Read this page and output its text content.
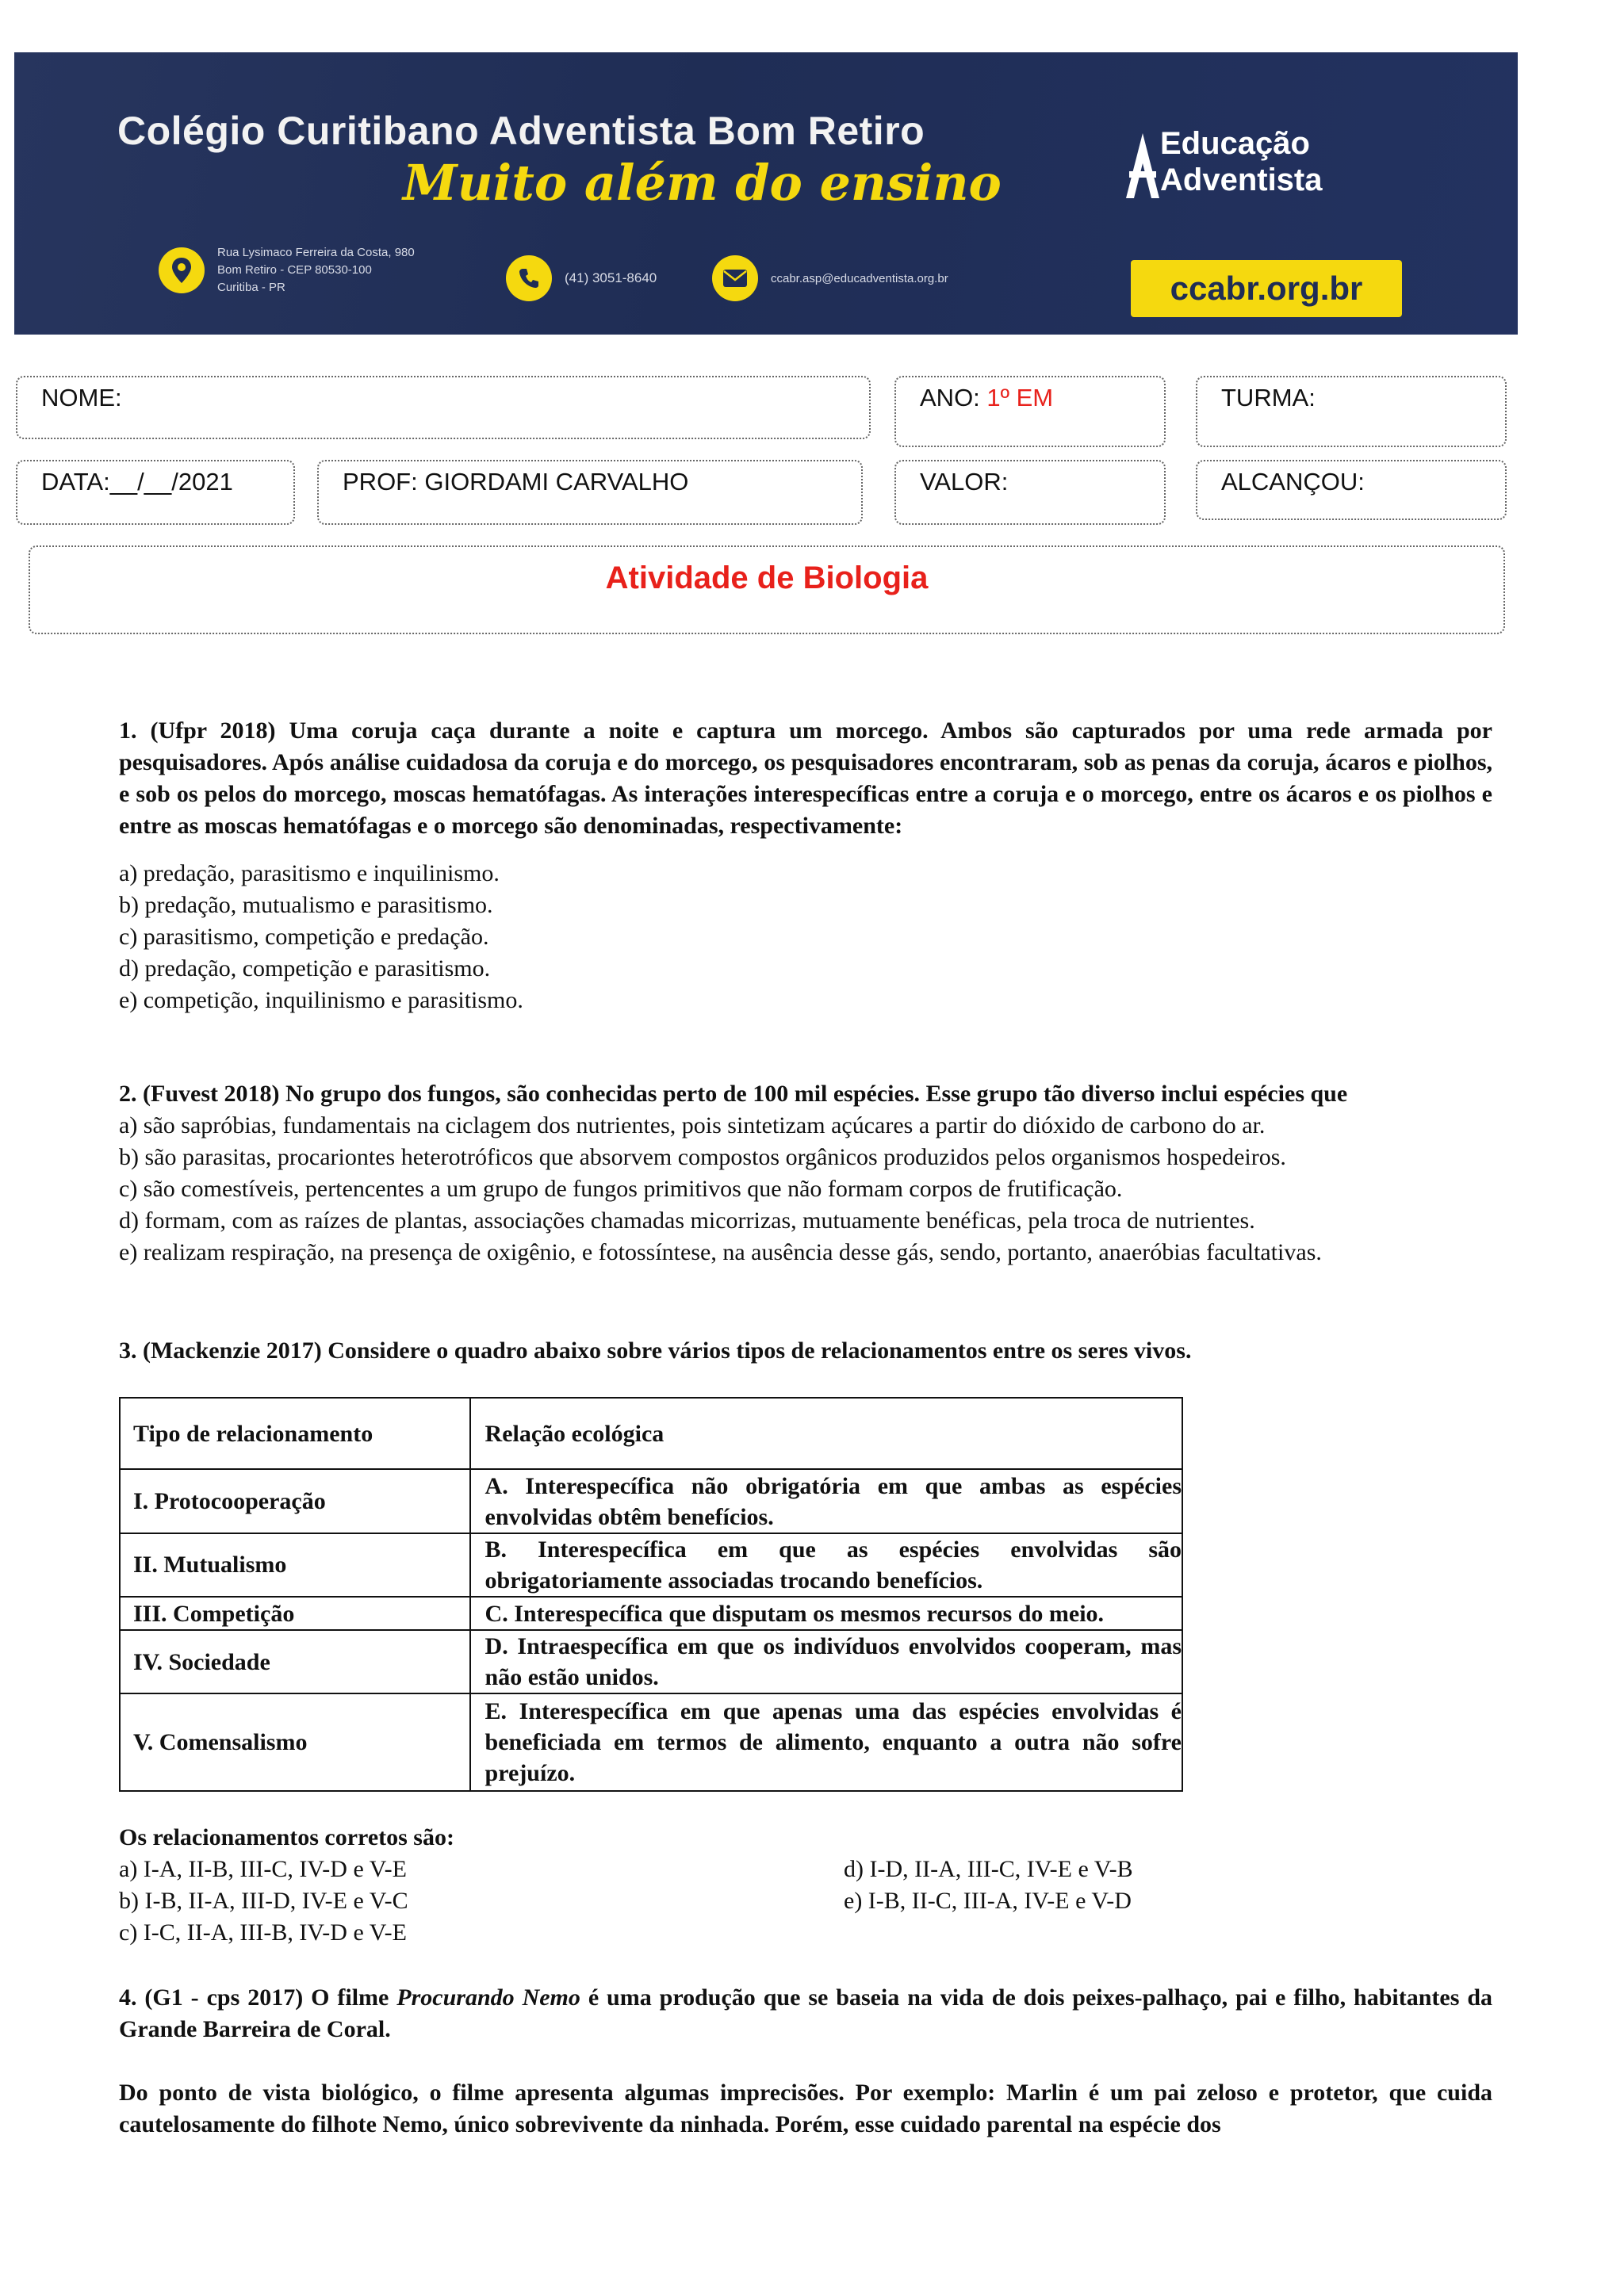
Colégio Curitibano Adventista Bom Retiro
Muito além do ensino
Rua Lysimaco Ferreira da Costa, 980
Bom Retiro - CEP 80530-100
Curitiba - PR
(41) 3051-8640	ccabr.asp@educadventista.org.br
Educação
Adventista
ccabr.org.br
NOME:	ANO: 1º EM	TURMA:
DATA:__/__/2021	PROF: GIORDAMI CARVALHO	VALOR:	ALCANÇOU:
Atividade de Biologia
1. (Ufpr 2018) Uma coruja caça durante a noite e captura um morcego. Ambos são capturados por uma rede armada por pesquisadores. Após análise cuidadosa da coruja e do morcego, os pesquisadores encontraram, sob as penas da coruja, ácaros e piolhos, e sob os pelos do morcego, moscas hematófagas. As interações interespecíficas entre a coruja e o morcego, entre os ácaros e os piolhos e entre as moscas hematófagas e o morcego são denominadas, respectivamente:
a) predação, parasitismo e inquilinismo.
b) predação, mutualismo e parasitismo.
c) parasitismo, competição e predação.
d) predação, competição e parasitismo.
e) competição, inquilinismo e parasitismo.
2. (Fuvest 2018) No grupo dos fungos, são conhecidas perto de 100 mil espécies. Esse grupo tão diverso inclui espécies que
a) são sapróbias, fundamentais na ciclagem dos nutrientes, pois sintetizam açúcares a partir do dióxido de carbono do ar.
b) são parasitas, procariontes heterotróficos que absorvem compostos orgânicos produzidos pelos organismos hospedeiros.
c) são comestíveis, pertencentes a um grupo de fungos primitivos que não formam corpos de frutificação.
d) formam, com as raízes de plantas, associações chamadas micorrizas, mutuamente benéficas, pela troca de nutrientes.
e) realizam respiração, na presença de oxigênio, e fotossíntese, na ausência desse gás, sendo, portanto, anaeróbias facultativas.
3. (Mackenzie 2017) Considere o quadro abaixo sobre vários tipos de relacionamentos entre os seres vivos.
Tipo de relacionamento	Relação ecológica
I. Protocooperação	A. Interespecífica não obrigatória em que ambas as espécies envolvidas obtêm benefícios.
II. Mutualismo	B. Interespecífica em que as espécies envolvidas são obrigatoriamente associadas trocando benefícios.
III. Competição	C. Interespecífica que disputam os mesmos recursos do meio.
IV. Sociedade	D. Intraespecífica em que os indivíduos envolvidos cooperam, mas não estão unidos.
V. Comensalismo	E. Interespecífica em que apenas uma das espécies envolvidas é beneficiada em termos de alimento, enquanto a outra não sofre prejuízo.
Os relacionamentos corretos são:
a) I-A, II-B, III-C, IV-D e V-E
b) I-B, II-A, III-D, IV-E e V-C
c) I-C, II-A, III-B, IV-D e V-E
d) I-D, II-A, III-C, IV-E e V-B
e) I-B, II-C, III-A, IV-E e V-D
4. (G1 - cps 2017) O filme Procurando Nemo é uma produção que se baseia na vida de dois peixes-palhaço, pai e filho, habitantes da Grande Barreira de Coral.
Do ponto de vista biológico, o filme apresenta algumas imprecisões. Por exemplo: Marlin é um pai zeloso e protetor, que cuida cautelosamente do filhote Nemo, único sobrevivente da ninhada. Porém, esse cuidado parental na espécie dos
